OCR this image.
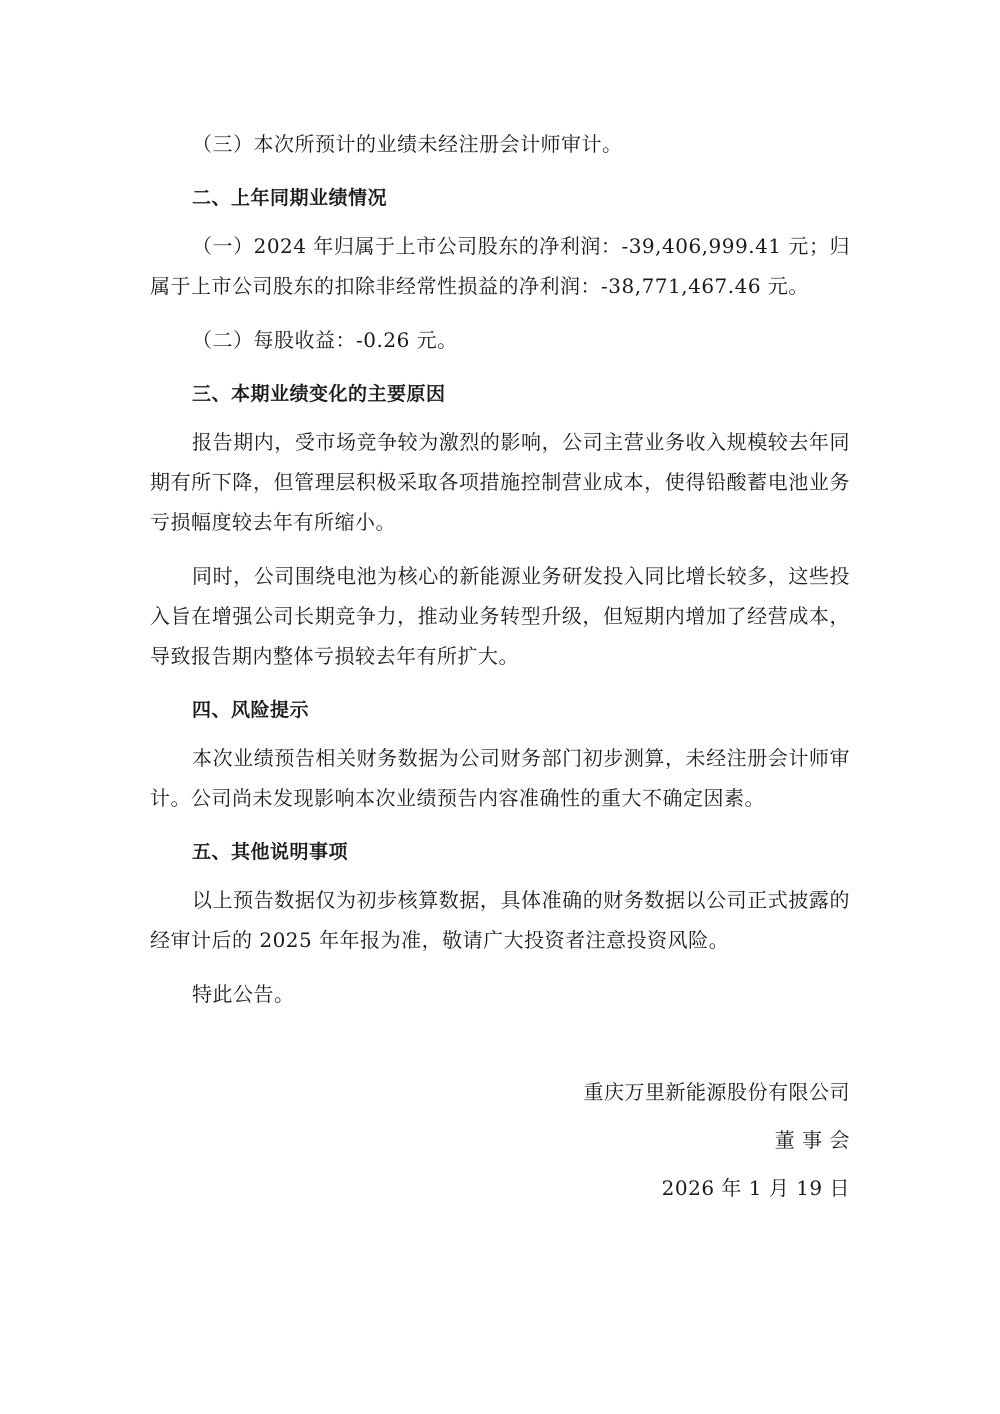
（三）本次所预计的业绩未经注册会计师审计。

二、上年同期业绩情况

（一）2024 年归属于上市公司股东的净利润：-39,406,999.41 元；归属于上市公司股东的扣除非经常性损益的净利润：-38,771,467.46 元。

（二）每股收益：-0.26 元。

三、本期业绩变化的主要原因

报告期内，受市场竞争较为激烈的影响，公司主营业务收入规模较去年同期有所下降，但管理层积极采取各项措施控制营业成本，使得铅酸蓄电池业务亏损幅度较去年有所缩小。

同时，公司围绕电池为核心的新能源业务研发投入同比增长较多，这些投入旨在增强公司长期竞争力，推动业务转型升级，但短期内增加了经营成本，导致报告期内整体亏损较去年有所扩大。

四、风险提示

本次业绩预告相关财务数据为公司财务部门初步测算，未经注册会计师审计。公司尚未发现影响本次业绩预告内容准确性的重大不确定因素。

五、其他说明事项

以上预告数据仅为初步核算数据，具体准确的财务数据以公司正式披露的经审计后的 2025 年年报为准，敬请广大投资者注意投资风险。

特此公告。

重庆万里新能源股份有限公司
董 事 会
2026 年 1 月 19 日
